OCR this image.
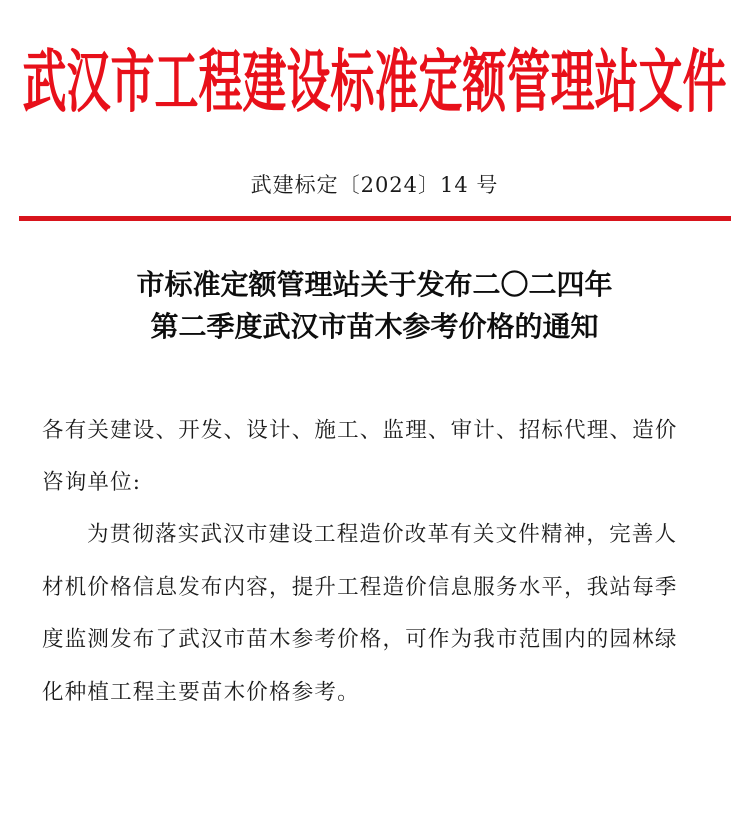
武汉市工程建设标准定额管理站文件
武建标定〔2024〕14 号
市标准定额管理站关于发布二〇二四年
第二季度武汉市苗木参考价格的通知
各有关建设、开发、设计、施工、监理、审计、招标代理、造价
咨询单位:
为贯彻落实武汉市建设工程造价改革有关文件精神，完善人
材机价格信息发布内容，提升工程造价信息服务水平，我站每季
度监测发布了武汉市苗木参考价格，可作为我市范围内的园林绿
化种植工程主要苗木价格参考。
